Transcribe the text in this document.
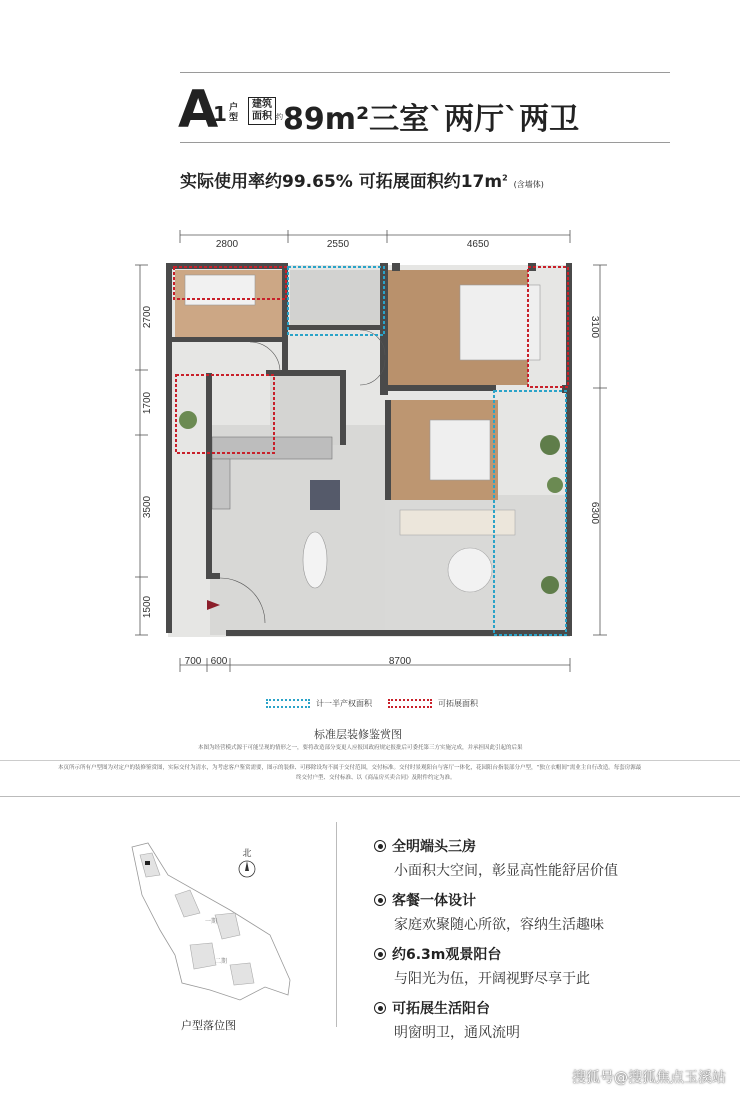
A
1 户
型
建筑
面积 约 89m²三室`两厅`两卫
实际使用率约99.65% 可拓展面积约$17m^2$ (含墙体)
2800	2550	4650
700 600	8700
2700
1700
3500
1500
3100
6300
计一半产权面积	可拓展面积
标准层装修鉴赏图
本图为经营模式源于可能呈现的情形之一，要将改造部分变更人应报国政府规定报批后可委托第三方实施完成，并承担因此引起的后果
本页所示所有户型图为对定户的装修鉴赏图，实际交付为清水，为考虑客户鉴赏需要，图示的装修、可移除设均不属于交付范围，交付标准。交付时景观阳台与客厅一体化，花园阳台指装部分户型，“独立衣帽间”需业主自行改造。每套房源最
终交付户型、交付标准、以《商品房买卖合同》及附件约定为准。
一期
二期
北
户型落位图
全明端头三房
小面积大空间，彰显高性能舒居价值
客餐一体设计
家庭欢聚随心所欲，容纳生活趣味
约6.3m观景阳台
与阳光为伍，开阔视野尽享于此
可拓展生活阳台
明窗明卫，通风流明
搜狐号@搜狐焦点玉溪站
